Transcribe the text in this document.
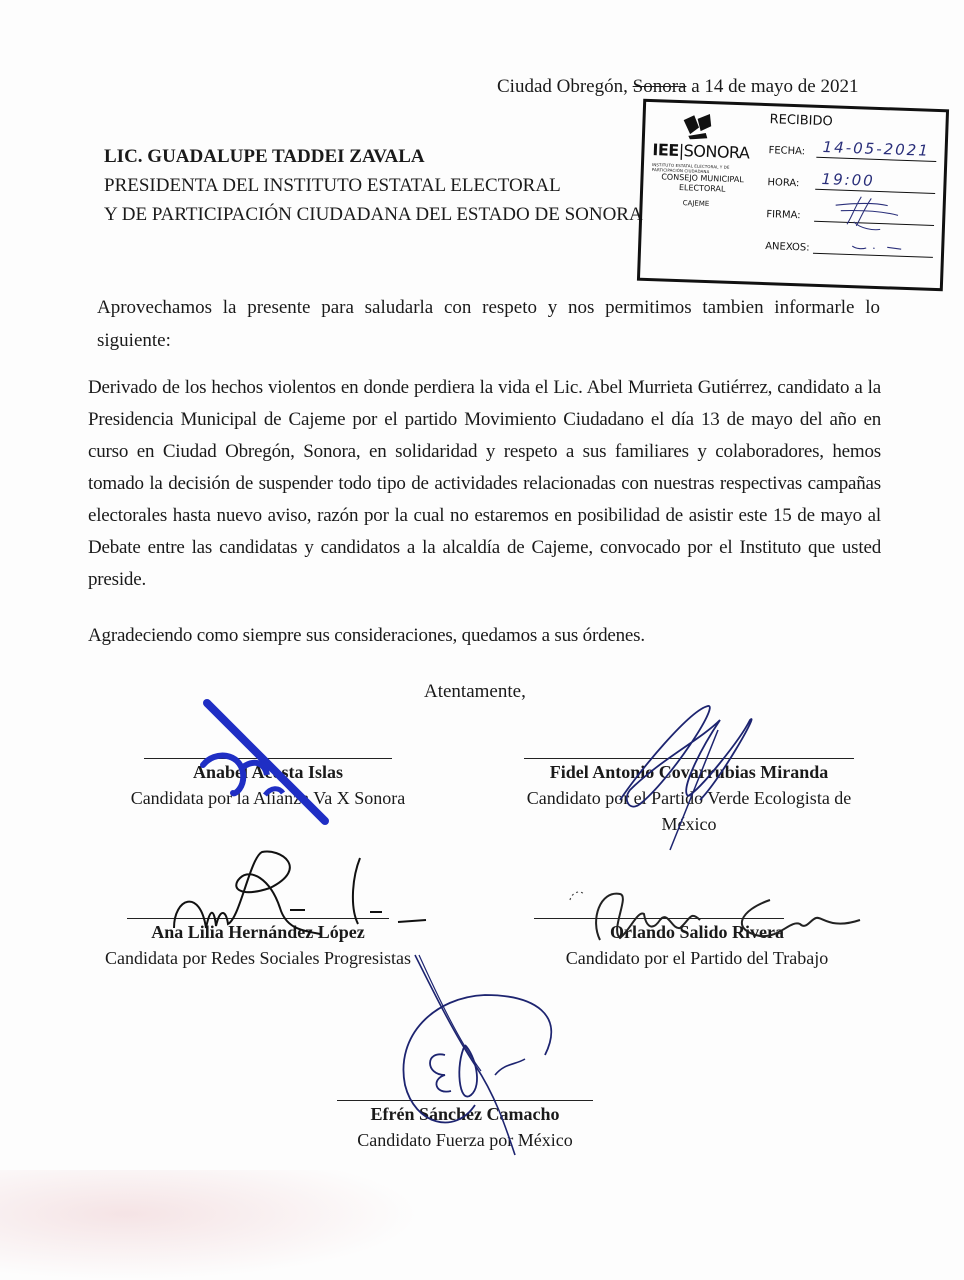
Ciudad Obregón, Sonora a 14 de mayo de 2021
LIC. GUADALUPE TADDEI ZAVALA
PRESIDENTA DEL INSTITUTO ESTATAL ELECTORAL
Y DE PARTICIPACIÓN CIUDADANA DEL ESTADO DE SONORA
IEE|SONORA
INSTITUTO ESTATAL ELECTORAL Y DE PARTICIPACIÓN CIUDADANA
CONSEJO MUNICIPAL
ELECTORAL
CAJEME
RECIBIDO
FECHA: 14-05-2021
HORA: 19:00
FIRMA:
ANEXOS:
Aprovechamos la presente para saludarla con respeto y nos permitimos tambien informarle lo siguiente:
Derivado de los hechos violentos en donde perdiera la vida el Lic. Abel Murrieta Gutiérrez, candidato a la Presidencia Municipal de Cajeme por el partido Movimiento Ciudadano el día 13 de mayo del año en curso en Ciudad Obregón, Sonora, en solidaridad y respeto a sus familiares y colaboradores, hemos tomado la decisión de suspender todo tipo de actividades relacionadas con nuestras respectivas campañas electorales hasta nuevo aviso, razón por la cual no estaremos en posibilidad de asistir este 15 de mayo al Debate entre las candidatas y candidatos a la alcaldía de Cajeme, convocado por el Instituto que usted preside.
Agradeciendo como siempre sus consideraciones, quedamos a sus órdenes.
Atentamente,
Anabel Acosta Islas
Candidata por la Alianza Va X Sonora
Fidel Antonio Covarrubias Miranda
Candidato por el Partido Verde Ecologista de
México
Ana Lilia Hernández López
Candidata por Redes Sociales Progresistas
Orlando Salido Rivera
Candidato por el Partido del Trabajo
Efrén Sánchez Camacho
Candidato Fuerza por México
